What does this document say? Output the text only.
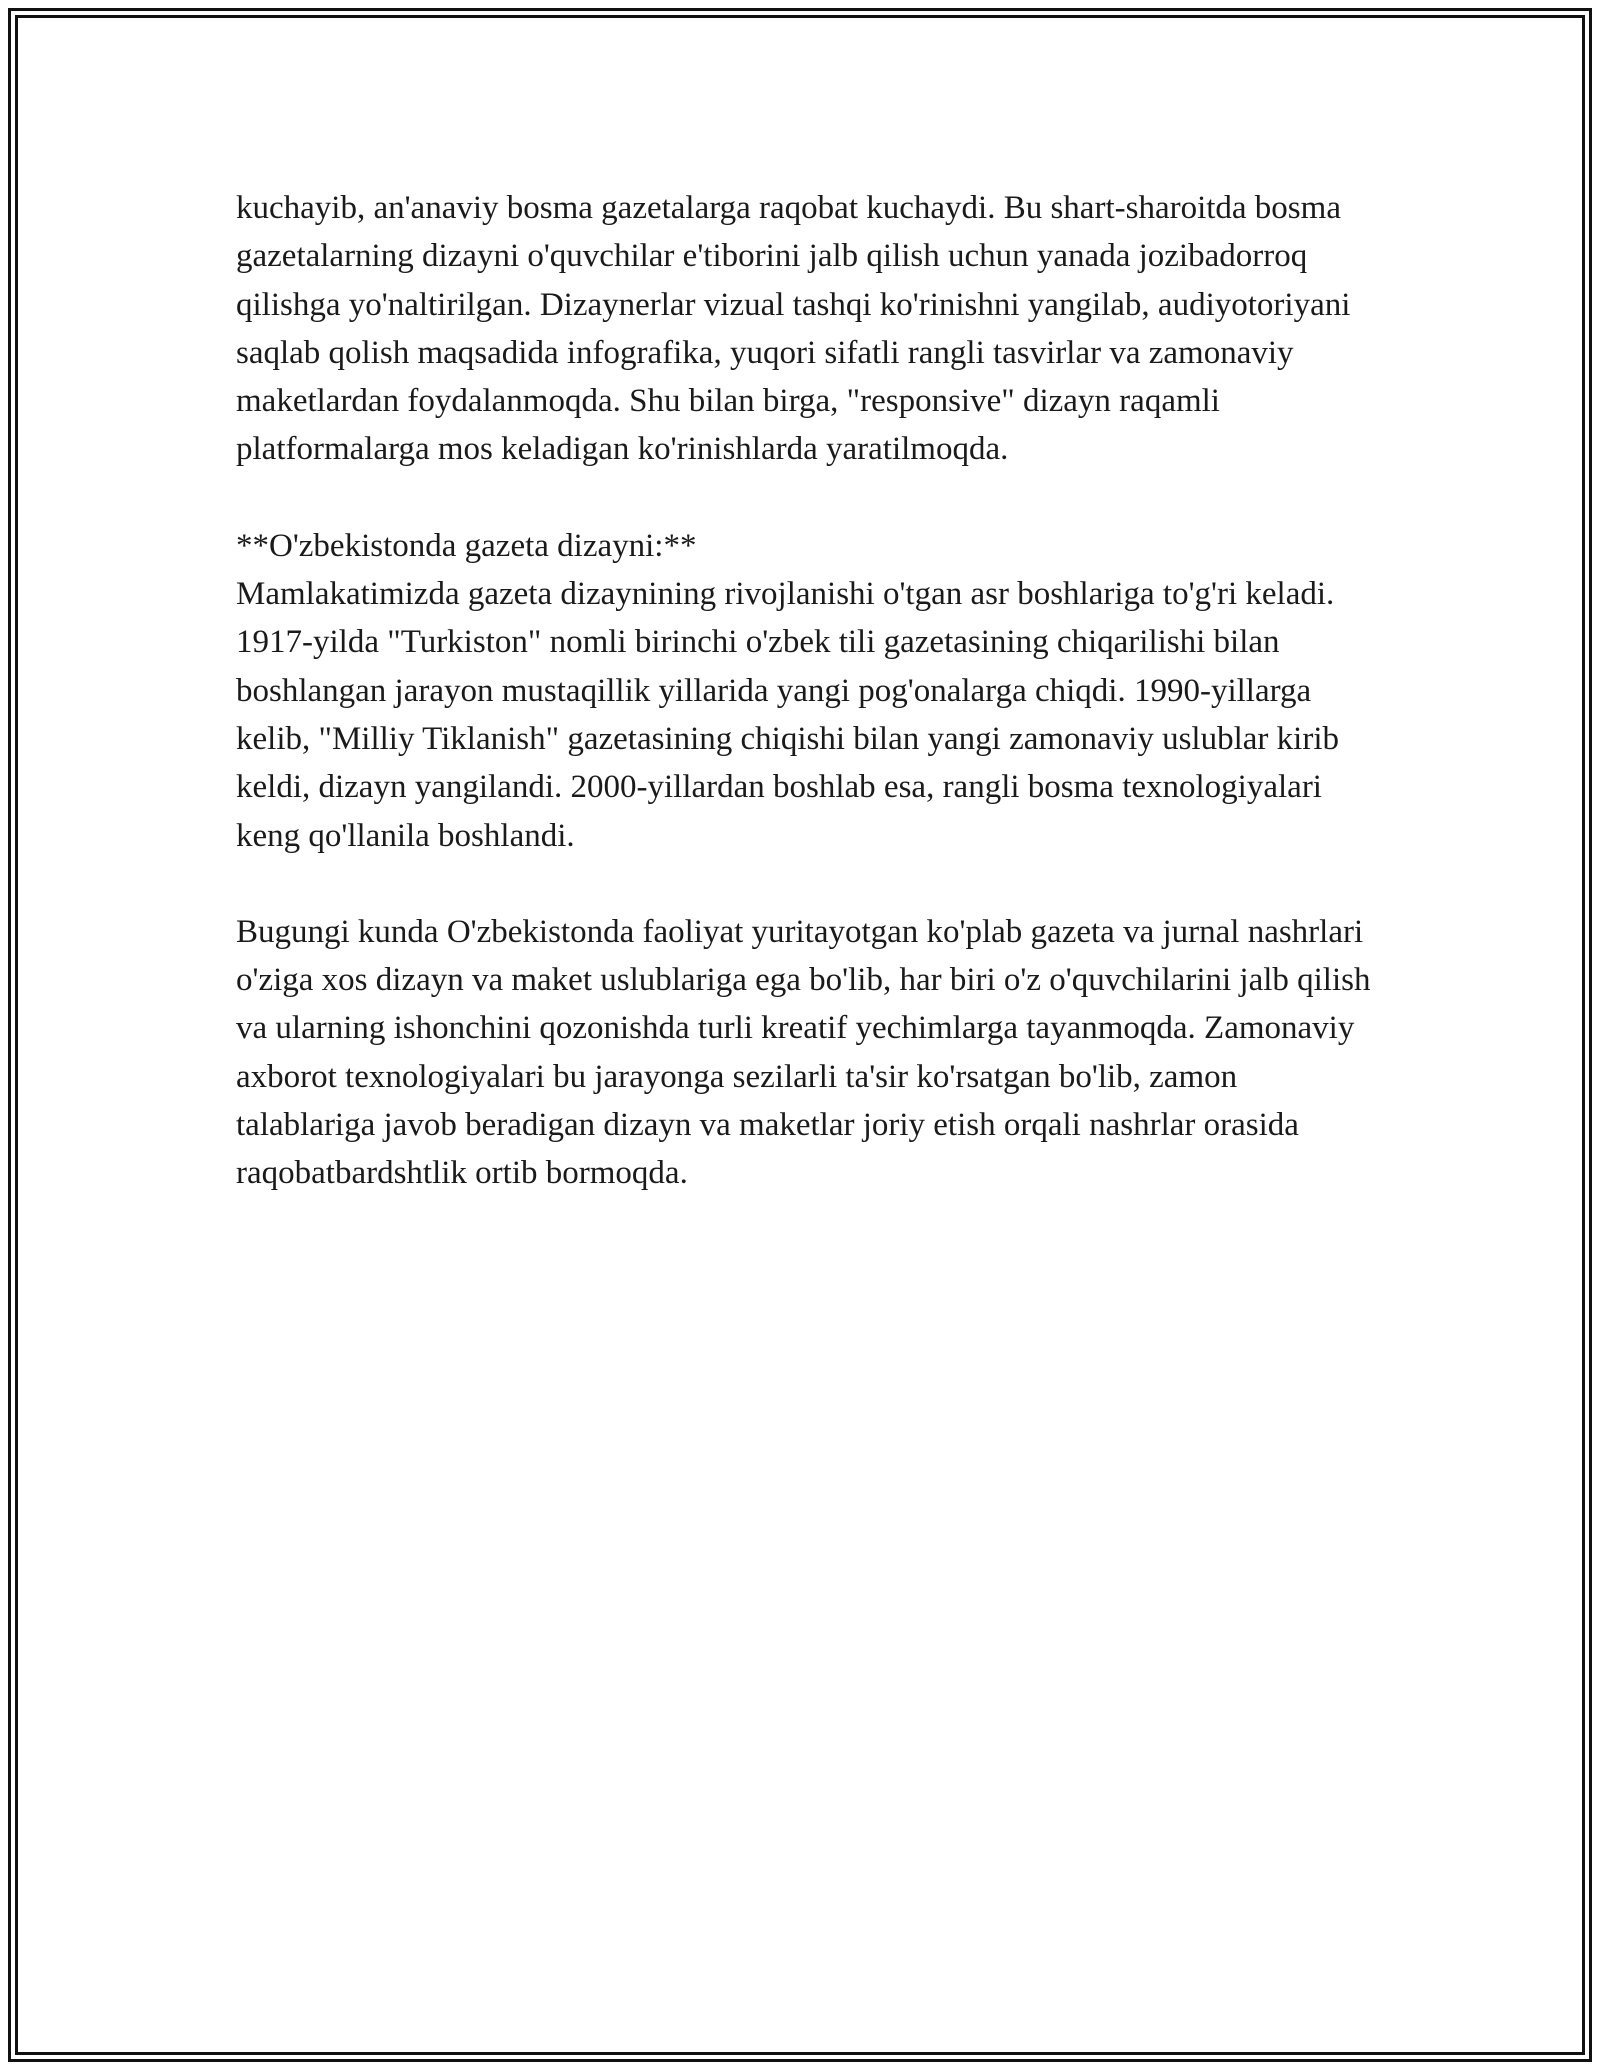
kuchayib, an'anaviy bosma gazetalarga raqobat kuchaydi. Bu shart-sharoitda bosma gazetalarning dizayni o'quvchilar e'tiborini jalb qilish uchun yanada jozibadorroq qilishga yo'naltirilgan. Dizaynerlar vizual tashqi ko'rinishni yangilab, audiyotoriyani saqlab qolish maqsadida infografika, yuqori sifatli rangli tasvirlar va zamonaviy maketlardan foydalanmoqda. Shu bilan birga, "responsive" dizayn raqamli platformalarga mos keladigan ko'rinishlarda yaratilmoqda.

**O'zbekistonda gazeta dizayni:**

Mamlakatimizda gazeta dizaynining rivojlanishi o'tgan asr boshlariga to'g'ri keladi. 1917-yilda "Turkiston" nomli birinchi o'zbek tili gazetasining chiqarilishi bilan boshlangan jarayon mustaqillik yillarida yangi pog'onalarga chiqdi. 1990-yillarga kelib, "Milliy Tiklanish" gazetasining chiqishi bilan yangi zamonaviy uslublar kirib keldi, dizayn yangilandi. 2000-yillardan boshlab esa, rangli bosma texnologiyalari keng qo'llanila boshlandi.

Bugungi kunda O'zbekistonda faoliyat yuritayotgan ko'plab gazeta va jurnal nashrlari o'ziga xos dizayn va maket uslublariga ega bo'lib, har biri o'z o'quvchilarini jalb qilish va ularning ishonchini qozonishda turli kreatif yechimlarga tayanmoqda. Zamonaviy axborot texnologiyalari bu jarayonga sezilarli ta'sir ko'rsatgan bo'lib, zamon talablariga javob beradigan dizayn va maketlar joriy etish orqali nashrlar orasida raqobatbardshtlik ortib bormoqda.
